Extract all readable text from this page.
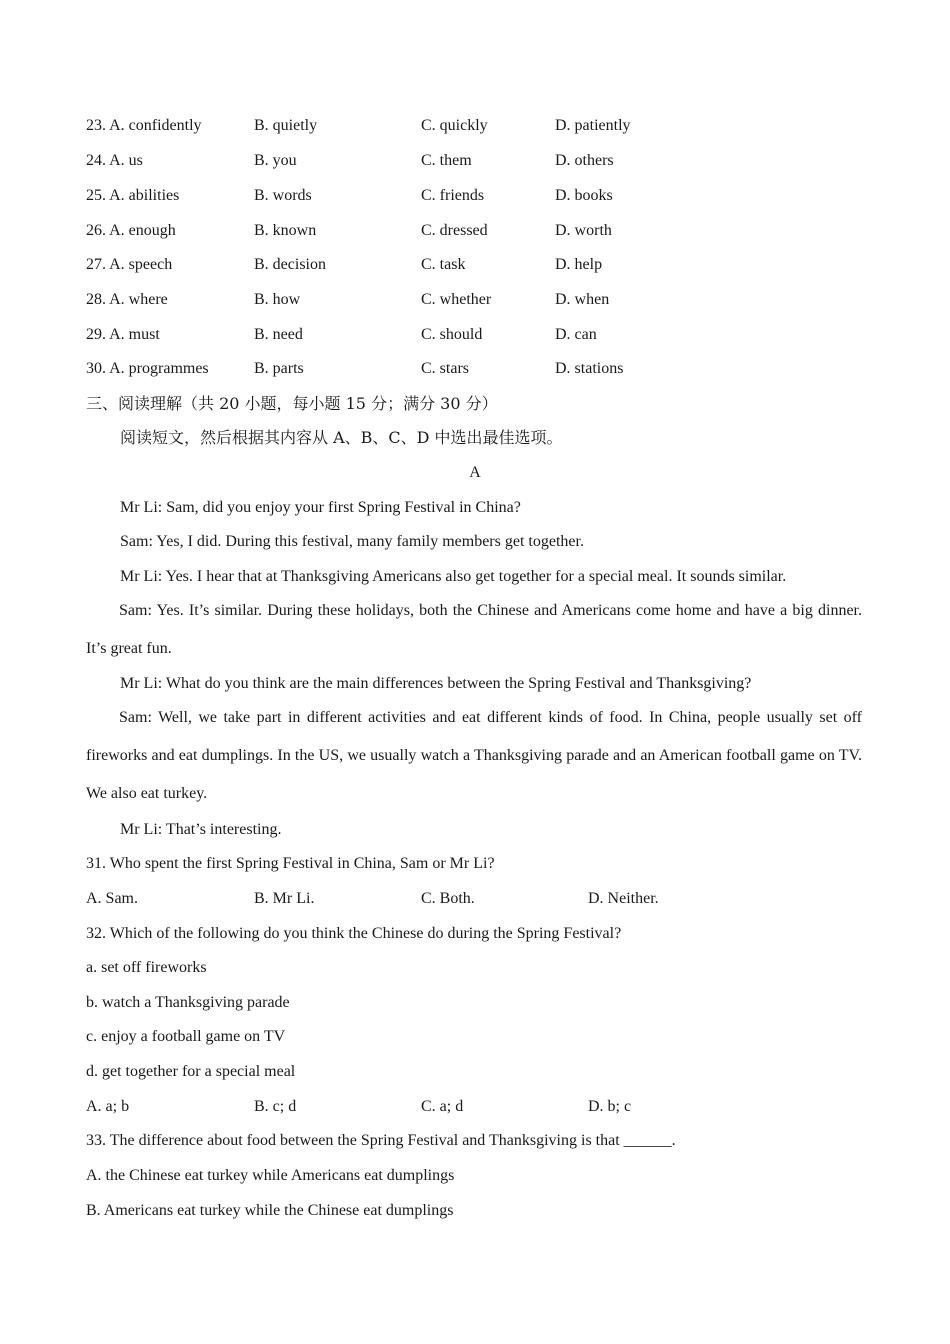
23. A. confidently	B. quietly	C. quickly	D. patiently
24. A. us	B. you	C. them	D. others
25. A. abilities	B. words	C. friends	D. books
26. A. enough	B. known	C. dressed	D. worth
27. A. speech	B. decision	C. task	D. help
28. A. where	B. how	C. whether	D. when
29. A. must	B. need	C. should	D. can
30. A. programmes	B. parts	C. stars	D. stations
三、阅读理解（共 20 小题，每小题 15 分；满分 30 分）
阅读短文，然后根据其内容从 A、B、C、D 中选出最佳选项。
A
Mr Li: Sam, did you enjoy your first Spring Festival in China?
Sam: Yes, I did. During this festival, many family members get together.
Mr Li: Yes. I hear that at Thanksgiving Americans also get together for a special meal. It sounds similar.
Sam: Yes. It’s similar. During these holidays, both the Chinese and Americans come home and have a big dinner. It’s great fun.
Mr Li: What do you think are the main differences between the Spring Festival and Thanksgiving?
Sam: Well, we take part in different activities and eat different kinds of food. In China, people usually set off fireworks and eat dumplings. In the US, we usually watch a Thanksgiving parade and an American football game on TV. We also eat turkey.
Mr Li: That’s interesting.
31. Who spent the first Spring Festival in China, Sam or Mr Li?
A. Sam.	B. Mr Li.	C. Both.	D. Neither.
32. Which of the following do you think the Chinese do during the Spring Festival?
a. set off fireworks
b. watch a Thanksgiving parade
c. enjoy a football game on TV
d. get together for a special meal
A. a; b	B. c; d	C. a; d	D. b; c
33. The difference about food between the Spring Festival and Thanksgiving is that ______.
A. the Chinese eat turkey while Americans eat dumplings
B. Americans eat turkey while the Chinese eat dumplings
